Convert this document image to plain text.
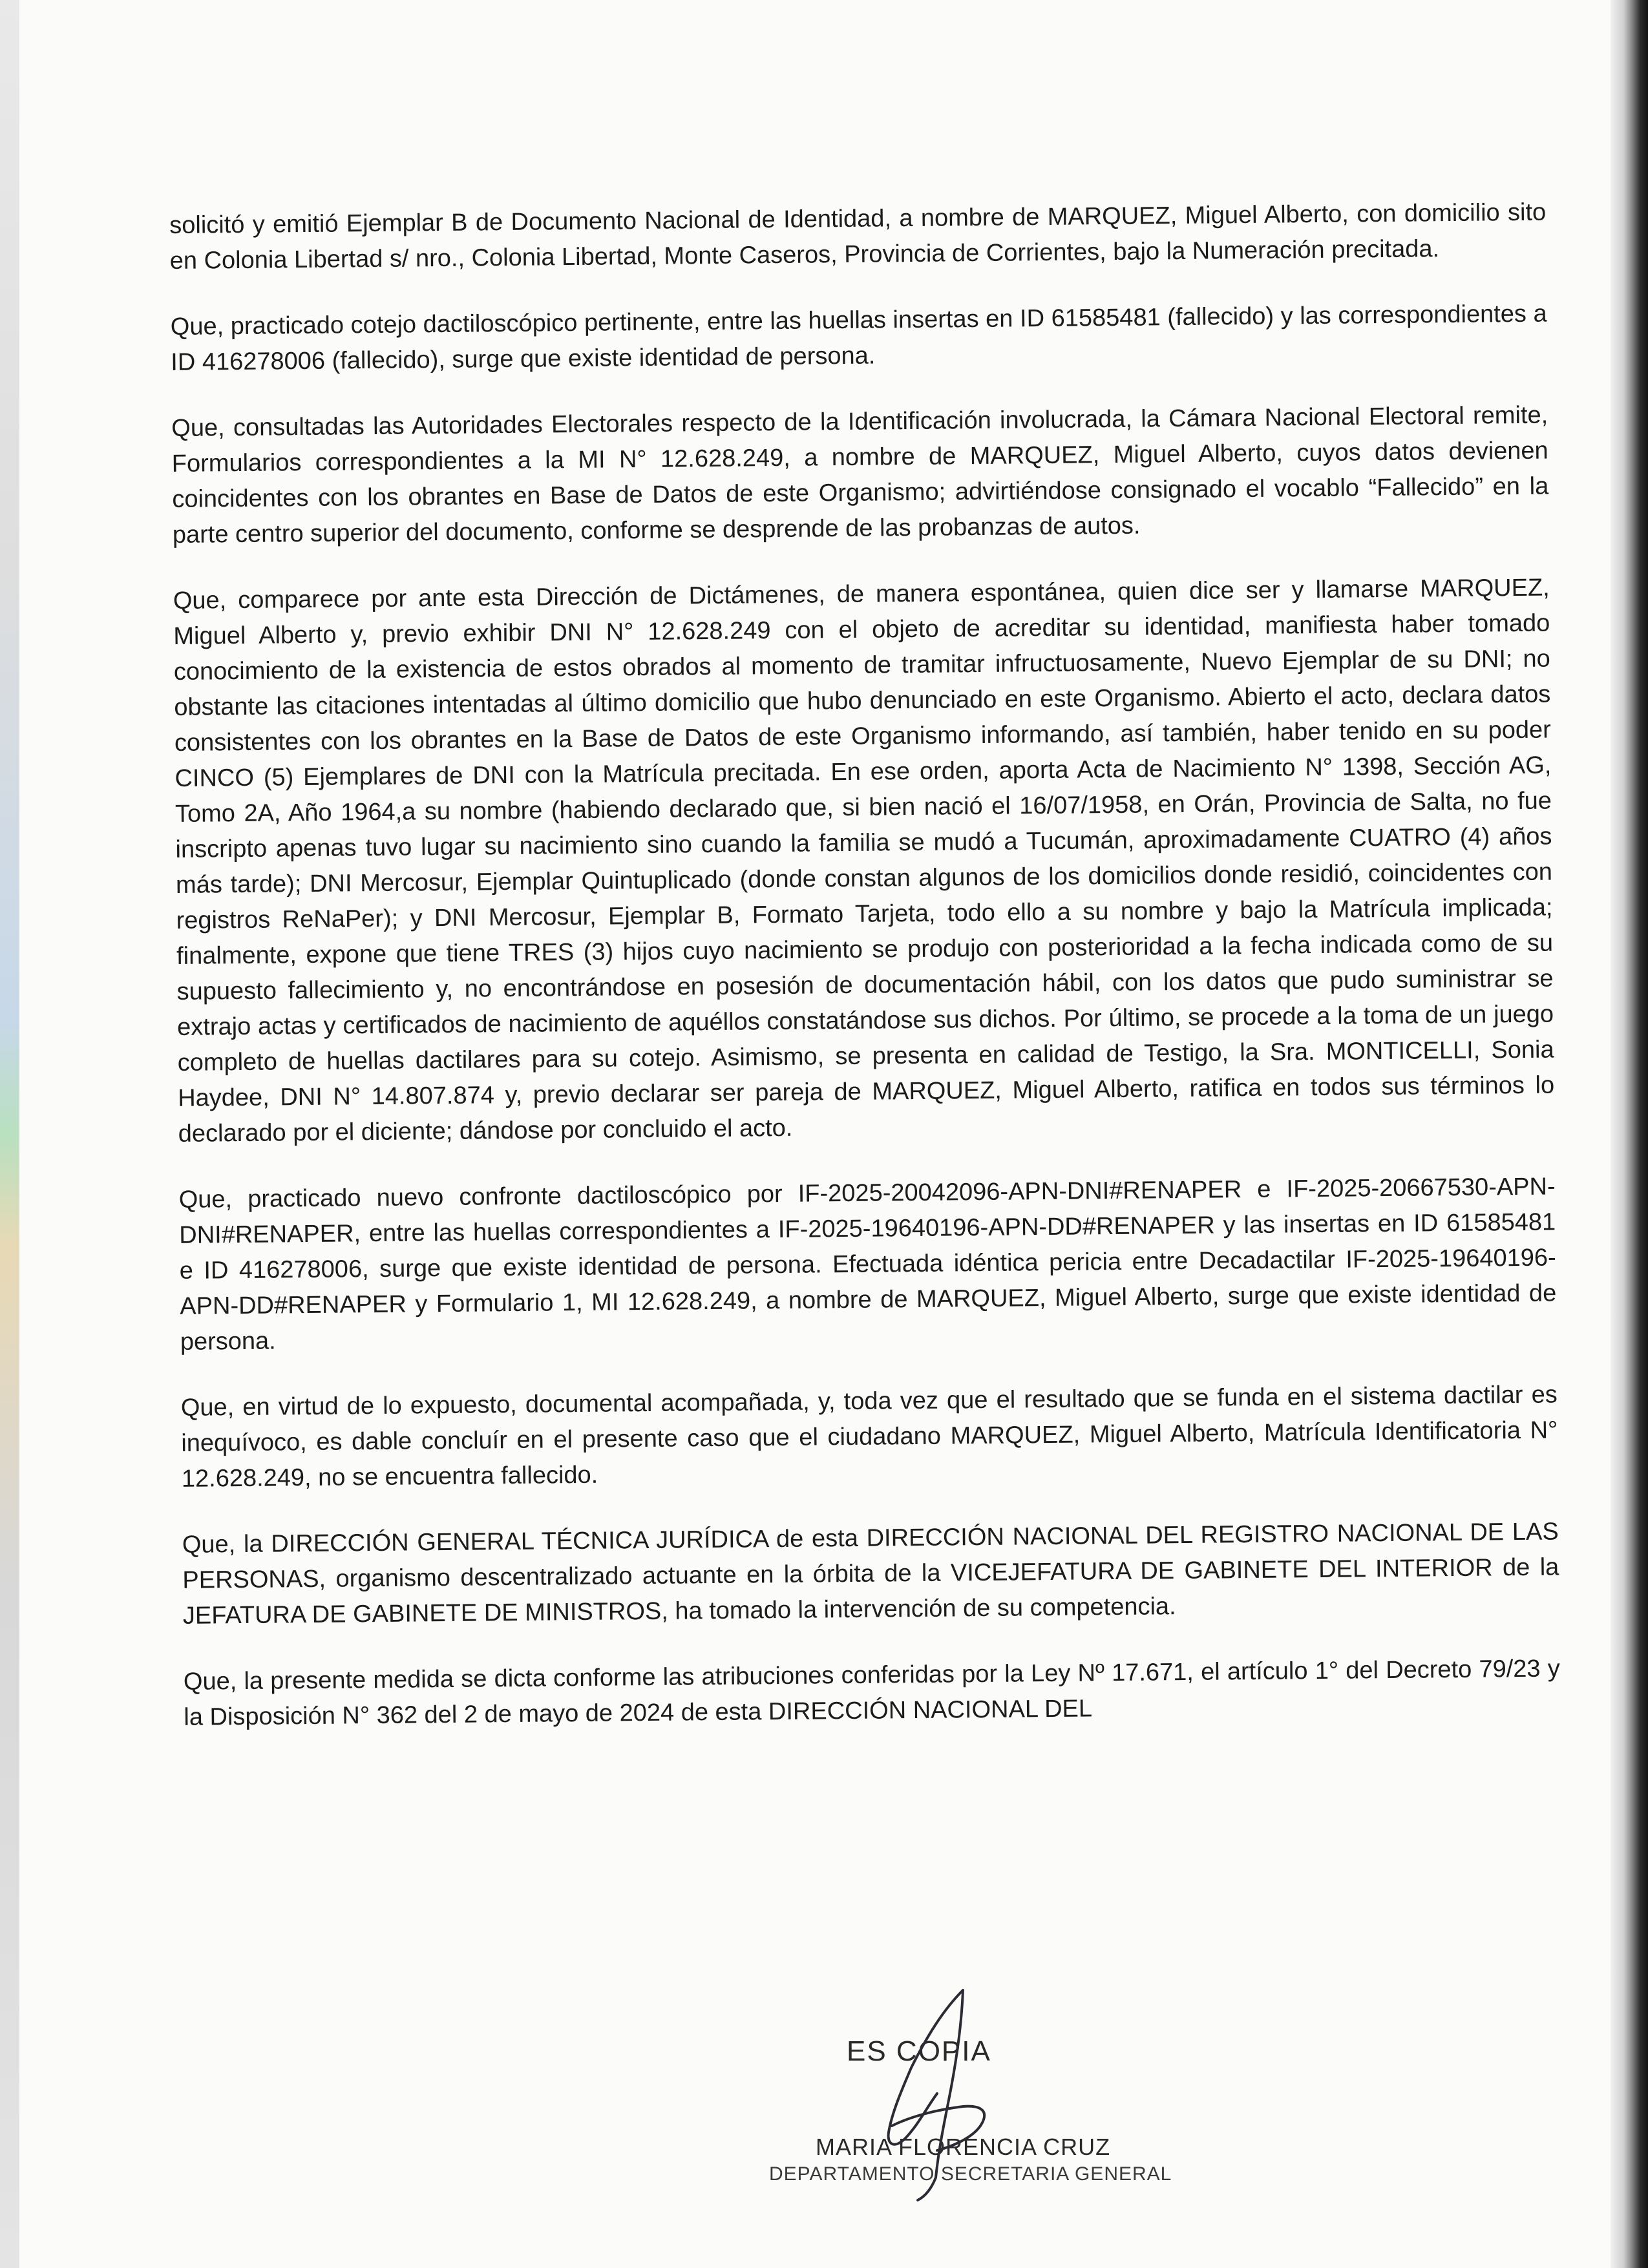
solicitó y emitió Ejemplar B de Documento Nacional de Identidad, a nombre de MARQUEZ, Miguel Alberto, con domicilio sito en Colonia Libertad s/ nro., Colonia Libertad, Monte Caseros, Provincia de Corrientes, bajo la Numeración precitada.

Que, practicado cotejo dactiloscópico pertinente, entre las huellas insertas en ID 61585481 (fallecido) y las correspondientes a ID 416278006 (fallecido), surge que existe identidad de persona.

Que, consultadas las Autoridades Electorales respecto de la Identificación involucrada, la Cámara Nacional Electoral remite, Formularios correspondientes a la MI N° 12.628.249, a nombre de MARQUEZ, Miguel Alberto, cuyos datos devienen coincidentes con los obrantes en Base de Datos de este Organismo; advirtiéndose consignado el vocablo “Fallecido” en la parte centro superior del documento, conforme se desprende de las probanzas de autos.

Que, comparece por ante esta Dirección de Dictámenes, de manera espontánea, quien dice ser y llamarse MARQUEZ, Miguel Alberto y, previo exhibir DNI N° 12.628.249 con el objeto de acreditar su identidad, manifiesta haber tomado conocimiento de la existencia de estos obrados al momento de tramitar infructuosamente, Nuevo Ejemplar de su DNI; no obstante las citaciones intentadas al último domicilio que hubo denunciado en este Organismo. Abierto el acto, declara datos consistentes con los obrantes en la Base de Datos de este Organismo informando, así también, haber tenido en su poder CINCO (5) Ejemplares de DNI con la Matrícula precitada. En ese orden, aporta Acta de Nacimiento N° 1398, Sección AG, Tomo 2A, Año 1964,a su nombre (habiendo declarado que, si bien nació el 16/07/1958, en Orán, Provincia de Salta, no fue inscripto apenas tuvo lugar su nacimiento sino cuando la familia se mudó a Tucumán, aproximadamente CUATRO (4) años más tarde); DNI Mercosur, Ejemplar Quintuplicado (donde constan algunos de los domicilios donde residió, coincidentes con registros ReNaPer); y DNI Mercosur, Ejemplar B, Formato Tarjeta, todo ello a su nombre y bajo la Matrícula implicada; finalmente, expone que tiene TRES (3) hijos cuyo nacimiento se produjo con posterioridad a la fecha indicada como de su supuesto fallecimiento y, no encontrándose en posesión de documentación hábil, con los datos que pudo suministrar se extrajo actas y certificados de nacimiento de aquéllos constatándose sus dichos. Por último, se procede a la toma de un juego completo de huellas dactilares para su cotejo. Asimismo, se presenta en calidad de Testigo, la Sra. MONTICELLI, Sonia Haydee, DNI N° 14.807.874 y, previo declarar ser pareja de MARQUEZ, Miguel Alberto, ratifica en todos sus términos lo declarado por el diciente; dándose por concluido el acto.

Que, practicado nuevo confronte dactiloscópico por IF-2025-20042096-APN-DNI#RENAPER e IF-2025-20667530-APN-DNI#RENAPER, entre las huellas correspondientes a IF-2025-19640196-APN-DD#RENAPER y las insertas en ID 61585481 e ID 416278006, surge que existe identidad de persona. Efectuada idéntica pericia entre Decadactilar IF-2025-19640196-APN-DD#RENAPER y Formulario 1, MI 12.628.249, a nombre de MARQUEZ, Miguel Alberto, surge que existe identidad de persona.

Que, en virtud de lo expuesto, documental acompañada, y, toda vez que el resultado que se funda en el sistema dactilar es inequívoco, es dable concluír en el presente caso que el ciudadano MARQUEZ, Miguel Alberto, Matrícula Identificatoria N° 12.628.249, no se encuentra fallecido.

Que, la DIRECCIÓN GENERAL TÉCNICA JURÍDICA de esta DIRECCIÓN NACIONAL DEL REGISTRO NACIONAL DE LAS PERSONAS, organismo descentralizado actuante en la órbita de la VICEJEFATURA DE GABINETE DEL INTERIOR de la JEFATURA DE GABINETE DE MINISTROS, ha tomado la intervención de su competencia.

Que, la presente medida se dicta conforme las atribuciones conferidas por la Ley Nº 17.671, el artículo 1° del Decreto 79/23 y la Disposición N° 362 del 2 de mayo de 2024 de esta DIRECCIÓN NACIONAL DEL

ES COPIA
MARIA FLORENCIA CRUZ
DEPARTAMENTO SECRETARIA GENERAL
